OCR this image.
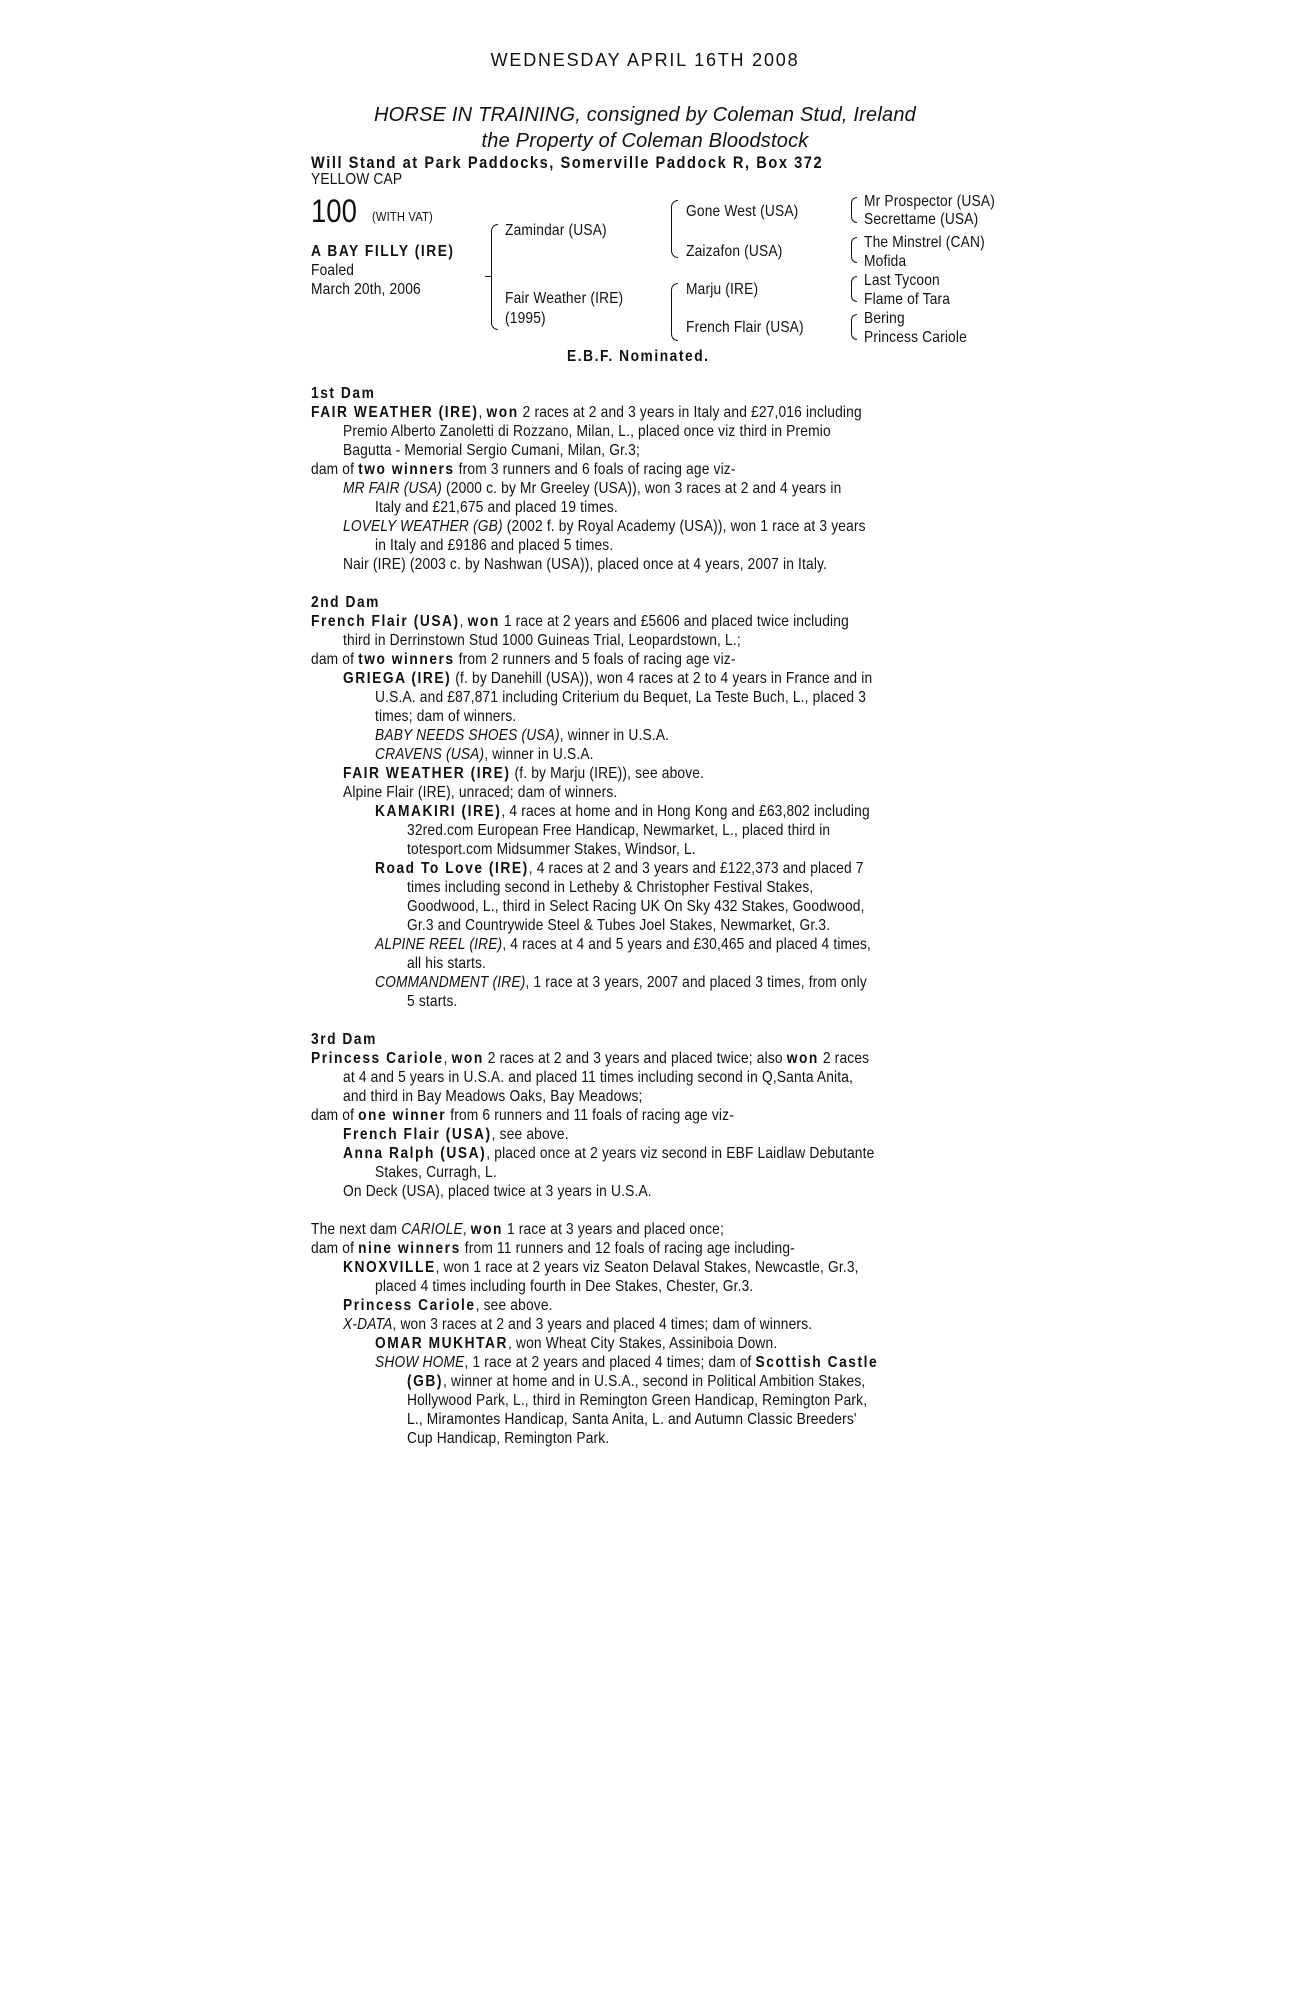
WEDNESDAY APRIL 16TH 2008
HORSE IN TRAINING, consigned by Coleman Stud, Ireland
the Property of Coleman Bloodstock
Will Stand at Park Paddocks, Somerville Paddock R, Box 372
YELLOW CAP
100 (WITH VAT)
A BAY FILLY (IRE)
Foaled
March 20th, 2006
Zamindar (USA)
Fair Weather (IRE)
(1995)
Gone West (USA)
Zaizafon (USA)
Marju (IRE)
French Flair (USA)
Mr Prospector (USA)
Secrettame (USA)
The Minstrel (CAN)
Mofida
Last Tycoon
Flame of Tara
Bering
Princess Cariole
E.B.F. Nominated.
1st Dam
FAIR WEATHER (IRE), won 2 races at 2 and 3 years in Italy and £27,016 including
Premio Alberto Zanoletti di Rozzano, Milan, L., placed once viz third in Premio
Bagutta - Memorial Sergio Cumani, Milan, Gr.3;
dam of two winners from 3 runners and 6 foals of racing age viz-
MR FAIR (USA) (2000 c. by Mr Greeley (USA)), won 3 races at 2 and 4 years in
Italy and £21,675 and placed 19 times.
LOVELY WEATHER (GB) (2002 f. by Royal Academy (USA)), won 1 race at 3 years
in Italy and £9186 and placed 5 times.
Nair (IRE) (2003 c. by Nashwan (USA)), placed once at 4 years, 2007 in Italy.
2nd Dam
French Flair (USA), won 1 race at 2 years and £5606 and placed twice including
third in Derrinstown Stud 1000 Guineas Trial, Leopardstown, L.;
dam of two winners from 2 runners and 5 foals of racing age viz-
GRIEGA (IRE) (f. by Danehill (USA)), won 4 races at 2 to 4 years in France and in
U.S.A. and £87,871 including Criterium du Bequet, La Teste Buch, L., placed 3
times; dam of winners.
BABY NEEDS SHOES (USA), winner in U.S.A.
CRAVENS (USA), winner in U.S.A.
FAIR WEATHER (IRE) (f. by Marju (IRE)), see above.
Alpine Flair (IRE), unraced; dam of winners.
KAMAKIRI (IRE), 4 races at home and in Hong Kong and £63,802 including
32red.com European Free Handicap, Newmarket, L., placed third in
totesport.com Midsummer Stakes, Windsor, L.
Road To Love (IRE), 4 races at 2 and 3 years and £122,373 and placed 7
times including second in Letheby & Christopher Festival Stakes,
Goodwood, L., third in Select Racing UK On Sky 432 Stakes, Goodwood,
Gr.3 and Countrywide Steel & Tubes Joel Stakes, Newmarket, Gr.3.
ALPINE REEL (IRE), 4 races at 4 and 5 years and £30,465 and placed 4 times,
all his starts.
COMMANDMENT (IRE), 1 race at 3 years, 2007 and placed 3 times, from only
5 starts.
3rd Dam
Princess Cariole, won 2 races at 2 and 3 years and placed twice; also won 2 races
at 4 and 5 years in U.S.A. and placed 11 times including second in Q,Santa Anita,
and third in Bay Meadows Oaks, Bay Meadows;
dam of one winner from 6 runners and 11 foals of racing age viz-
French Flair (USA), see above.
Anna Ralph (USA), placed once at 2 years viz second in EBF Laidlaw Debutante
Stakes, Curragh, L.
On Deck (USA), placed twice at 3 years in U.S.A.
The next dam CARIOLE, won 1 race at 3 years and placed once;
dam of nine winners from 11 runners and 12 foals of racing age including-
KNOXVILLE, won 1 race at 2 years viz Seaton Delaval Stakes, Newcastle, Gr.3,
placed 4 times including fourth in Dee Stakes, Chester, Gr.3.
Princess Cariole, see above.
X-DATA, won 3 races at 2 and 3 years and placed 4 times; dam of winners.
OMAR MUKHTAR, won Wheat City Stakes, Assiniboia Down.
SHOW HOME, 1 race at 2 years and placed 4 times; dam of Scottish Castle
(GB), winner at home and in U.S.A., second in Political Ambition Stakes,
Hollywood Park, L., third in Remington Green Handicap, Remington Park,
L., Miramontes Handicap, Santa Anita, L. and Autumn Classic Breeders'
Cup Handicap, Remington Park.
